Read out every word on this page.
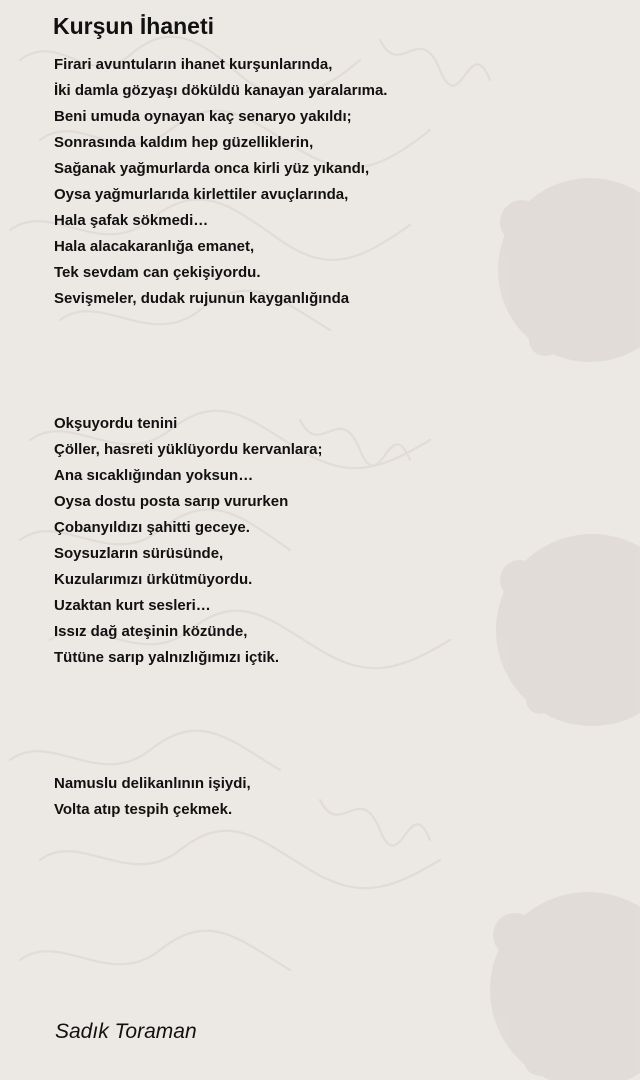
Kurşun İhaneti
Firari avuntuların ihanet kurşunlarında,
İki damla gözyaşı döküldü kanayan yaralarıma.
Beni umuda oynayan kaç senaryo yakıldı;
Sonrasında kaldım hep güzelliklerin,
Sağanak yağmurlarda onca kirli yüz yıkandı,
Oysa yağmurlarıda kirlettiler avuçlarında,
Hala şafak sökmedi…
Hala alacakaranlığa emanet,
Tek sevdam can çekişiyordu.
Sevişmeler, dudak rujunun kayganlığında
Okşuyordu tenini
Çöller, hasreti yüklüyordu kervanlara;
Ana sıcaklığından yoksun…
Oysa dostu posta sarıp vururken
Çobanyıldızı şahitti geceye.
Soysuzların sürüsünde,
Kuzularımızı ürkütmüyordu.
Uzaktan kurt sesleri…
Issız dağ ateşinin közünde,
Tütüne sarıp yalnızlığımızı içtik.
Namuslu delikanlının işiydi,
Volta atıp tespih çekmek.

Sadık Toraman
